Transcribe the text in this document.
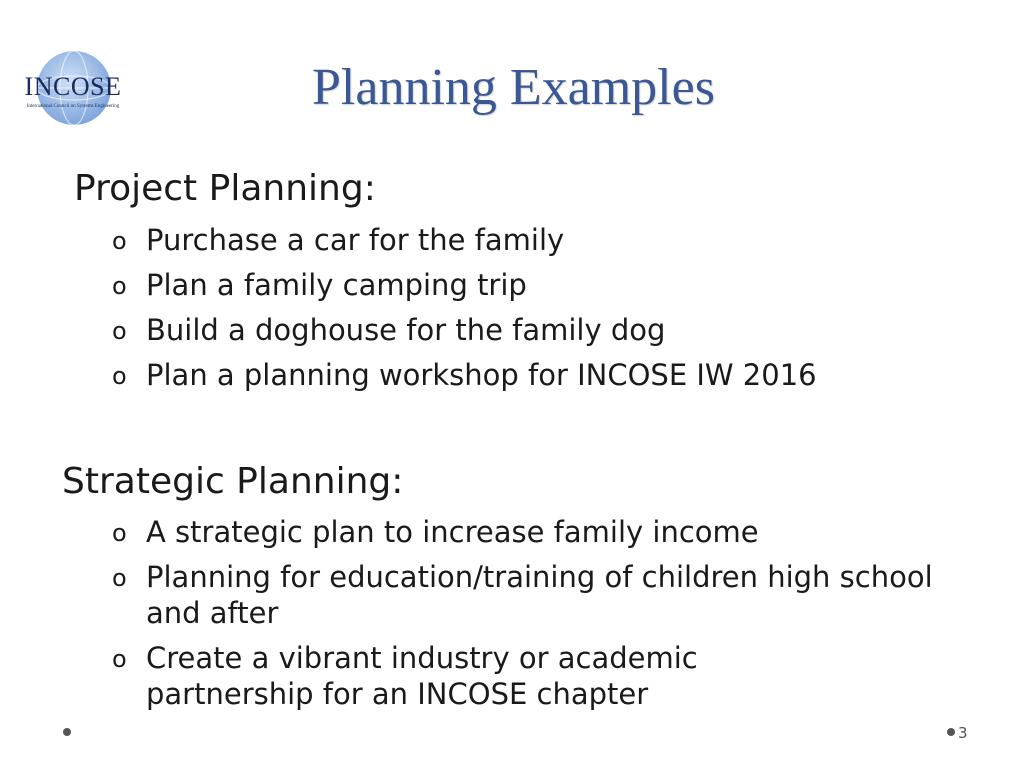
INCOSE
International Council on Systems Engineering	Planning Examples
Project Planning:
o Purchase a car for the family
o Plan a family camping trip
o Build a doghouse for the family dog
o Plan a planning workshop for INCOSE IW 2016
Strategic Planning:
o A strategic plan to increase family income
o Planning for education/training of children high school and after
o Create a vibrant industry or academic partnership for an INCOSE chapter
3
